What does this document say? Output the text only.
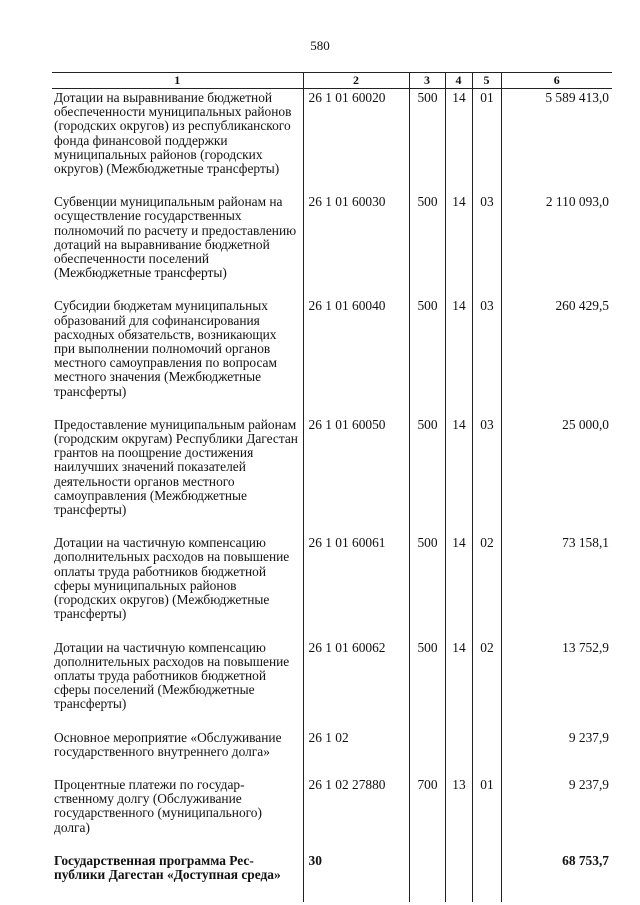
580
1	2	3	4	5	6
Дотации на выравнивание бюджетной обеспеченности муниципальных районов (городских округов) из республиканского фонда финансовой поддержки муниципальных районов (городских округов) (Межбюджетные трансферты)	26 1 01 60020	500	14	01	5 589 413,0
Субвенции муниципальным районам на осуществление государственных полномочий по расчету и предоставлению дотаций на выравнивание бюджетной обеспеченности поселений (Межбюджетные трансферты)	26 1 01 60030	500	14	03	2 110 093,0
Субсидии бюджетам муниципальных образований для софинансирования расходных обязательств, возникающих при выполнении полномочий органов местного самоуправления по вопросам местного значения (Межбюджетные трансферты)	26 1 01 60040	500	14	03	260 429,5
Предоставление муниципальным районам (городским округам) Республики Дагестан грантов на поощрение достижения наилучших значений показателей деятельности органов местного самоуправления (Межбюджетные трансферты)	26 1 01 60050	500	14	03	25 000,0
Дотации на частичную компенсацию дополнительных расходов на повышение оплаты труда работников бюджетной сферы муниципальных районов (городских округов) (Межбюджетные трансферты)	26 1 01 60061	500	14	02	73 158,1
Дотации на частичную компенсацию дополнительных расходов на повышение оплаты труда работников бюджетной сферы поселений (Межбюджетные трансферты)	26 1 01 60062	500	14	02	13 752,9
Основное мероприятие «Обслуживание государственного внутреннего долга»	26 1 02				9 237,9
Процентные платежи по государственному долгу (Обслуживание государственного (муниципального) долга)	26 1 02 27880	700	13	01	9 237,9
Государственная программа Республики Дагестан «Доступная среда»	30				68 753,7
